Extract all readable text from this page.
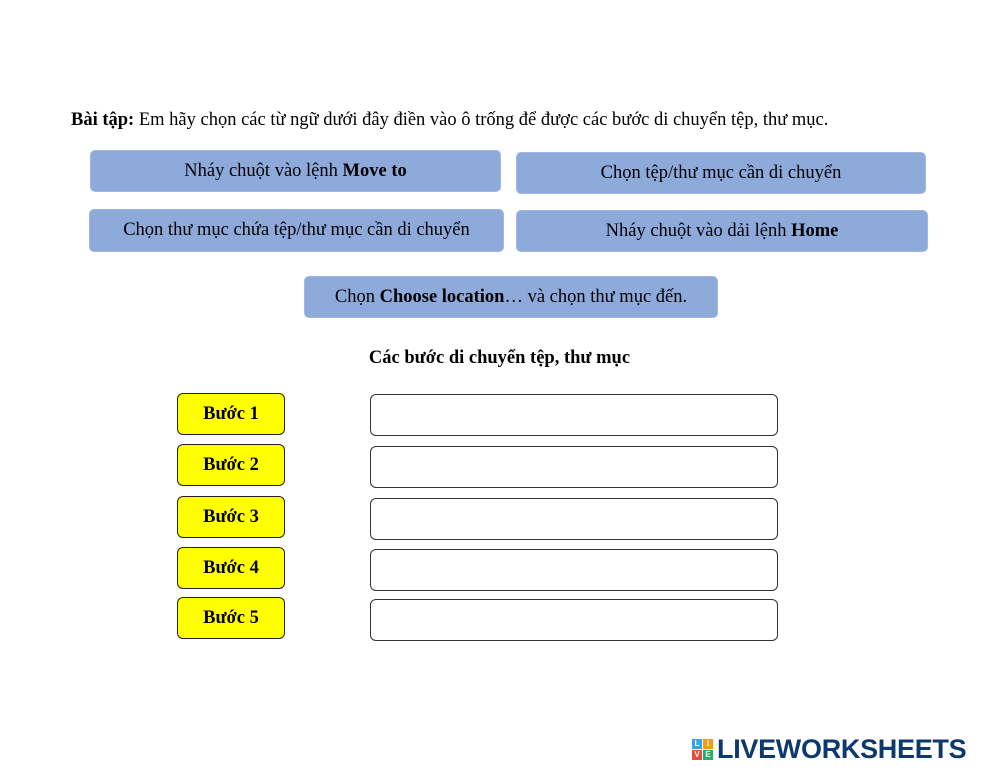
Bài tập: Em hãy chọn các từ ngữ dưới đây điền vào ô trống để được các bước di chuyển tệp, thư mục.
Nháy chuột vào lệnh
Move to	Chọn tệp/thư mục cần di chuyển
Chọn thư mục chứa tệp/thư mục cần di chuyển	Nháy chuột vào dải lệnh
Home
Chọn
Choose location … và chọn thư mục đến.
Các bước di chuyển tệp, thư mục
Bước 1
Bước 2
Bước 3
Bước 4
Bước 5
L I
V E LIVEWORKSHEETS
